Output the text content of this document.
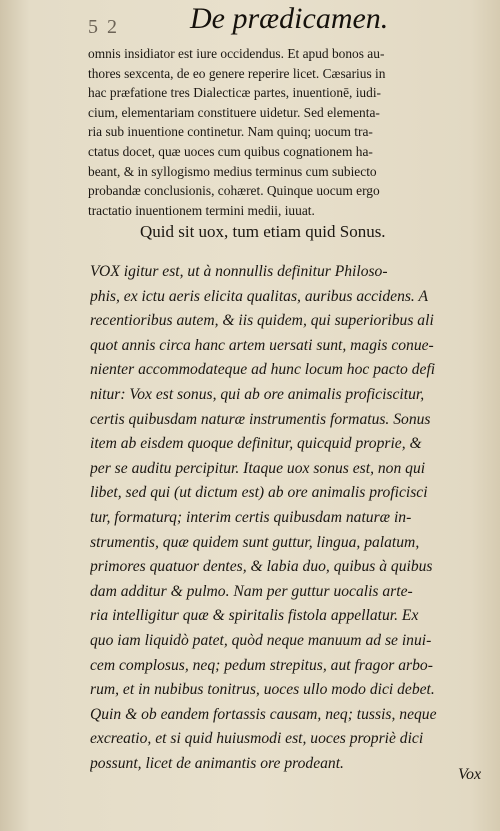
5 2 De prædicamen.
omnis insidiator est iure occidendus. Et apud bonos au-
thores sexcenta, de eo genere reperire licet. Cæsarius in
hac præfatione tres Dialecticæ partes, inuentionē, iudi-
cium, elementariam constituere uidetur. Sed elementa-
ria sub inuentione continetur. Nam quinq; uocum tra-
ctatus docet, quæ uoces cum quibus cognationem ha-
beant, & in syllogismo medius terminus cum subiecto
probandæ conclusionis, cohæret. Quinque uocum ergo
tractatio inuentionem termini medii, iuuat.
Quid sit uox, tum etiam quid Sonus.
VOX igitur est, ut à nonnullis definitur Philoso-
phis, ex ictu aeris elicita qualitas, auribus accidens. A
recentioribus autem, & iis quidem, qui superioribus ali
quot annis circa hanc artem uersati sunt, magis conue-
nienter accommodateque ad hunc locum hoc pacto defi
nitur: Vox est sonus, qui ab ore animalis proficiscitur,
certis quibusdam naturæ instrumentis formatus. Sonus
item ab eisdem quoque definitur, quicquid proprie, &
per se auditu percipitur. Itaque uox sonus est, non qui
libet, sed qui (ut dictum est) ab ore animalis proficisci
tur, formaturq; interim certis quibusdam naturæ in-
strumentis, quæ quidem sunt guttur, lingua, palatum,
primores quatuor dentes, & labia duo, quibus à quibus
dam additur & pulmo. Nam per guttur uocalis arte-
ria intelligitur quæ & spiritalis fistola appellatur. Ex
quo iam liquidò patet, quòd neque manuum ad se inui-
cem complosus, neq; pedum strepitus, aut fragor arbo-
rum, et in nubibus tonitrus, uoces ullo modo dici debet.
Quin & ob eandem fortassis causam, neq; tussis, neque
excreatio, et si quid huiusmodi est, uoces propriè dici
possunt, licet de animantis ore prodeant.
Vox
